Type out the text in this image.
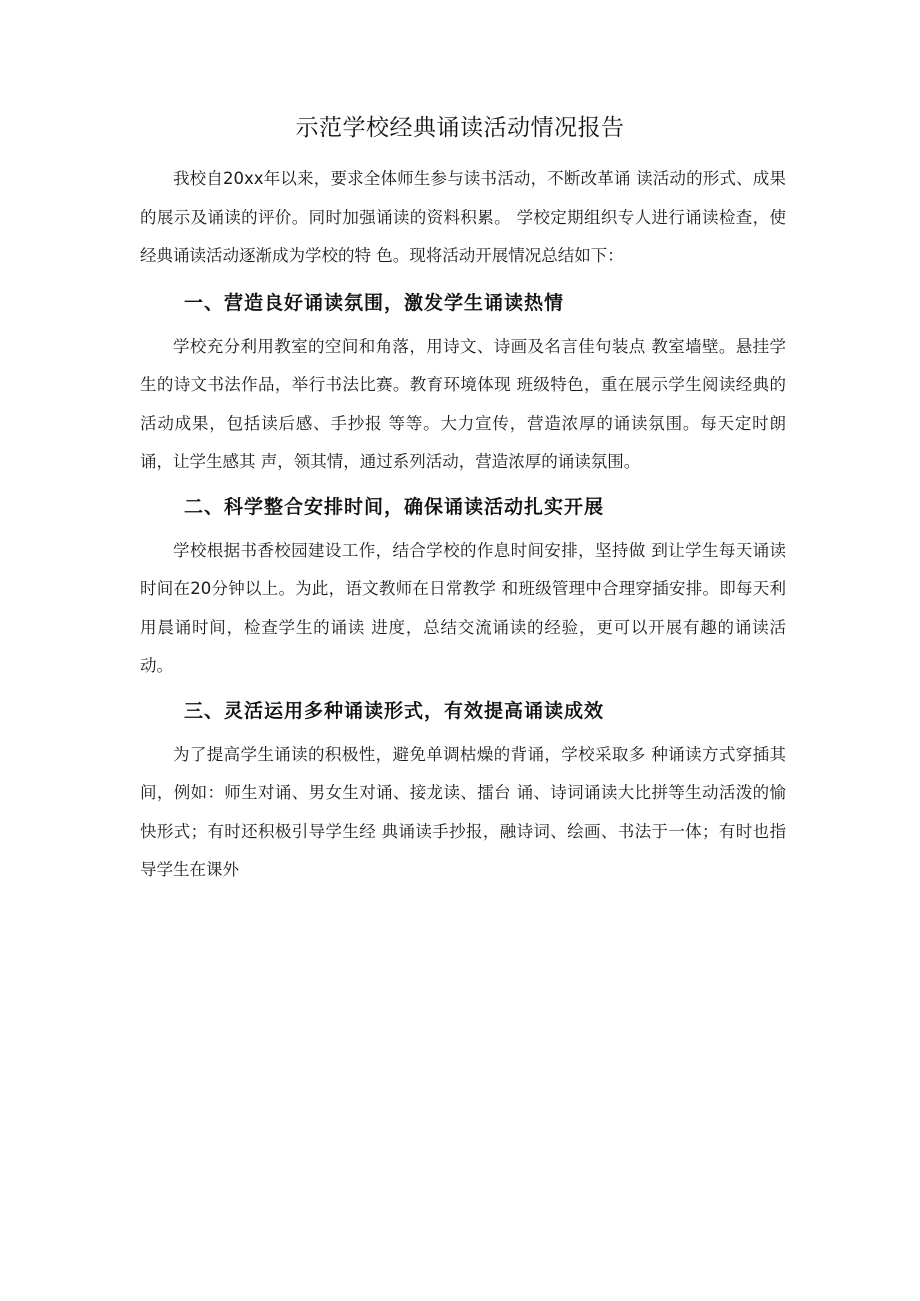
示范学校经典诵读活动情况报告

我校自20xx年以来，要求全体师生参与读书活动，不断改革诵 读活动的形式、成果的展示及诵读的评价。同时加强诵读的资料积累。 学校定期组织专人进行诵读检查，使经典诵读活动逐渐成为学校的特 色。现将活动开展情况总结如下：

一、营造良好诵读氛围，激发学生诵读热情

学校充分利用教室的空间和角落，用诗文、诗画及名言佳句装点 教室墙壁。悬挂学生的诗文书法作品，举行书法比赛。教育环境体现 班级特色，重在展示学生阅读经典的活动成果，包括读后感、手抄报 等等。大力宣传，营造浓厚的诵读氛围。每天定时朗诵，让学生感其 声，领其情，通过系列活动，营造浓厚的诵读氛围。

二、科学整合安排时间，确保诵读活动扎实开展

学校根据书香校园建设工作，结合学校的作息时间安排，坚持做 到让学生每天诵读时间在20分钟以上。为此，语文教师在日常教学 和班级管理中合理穿插安排。即每天利用晨诵时间，检查学生的诵读 进度，总结交流诵读的经验，更可以开展有趣的诵读活动。

三、灵活运用多种诵读形式，有效提高诵读成效

为了提高学生诵读的积极性，避免单调枯燥的背诵，学校采取多 种诵读方式穿插其间，例如：师生对诵、男女生对诵、接龙读、擂台 诵、诗词诵读大比拼等生动活泼的愉快形式；有时还积极引导学生经 典诵读手抄报，融诗词、绘画、书法于一体；有时也指导学生在课外
